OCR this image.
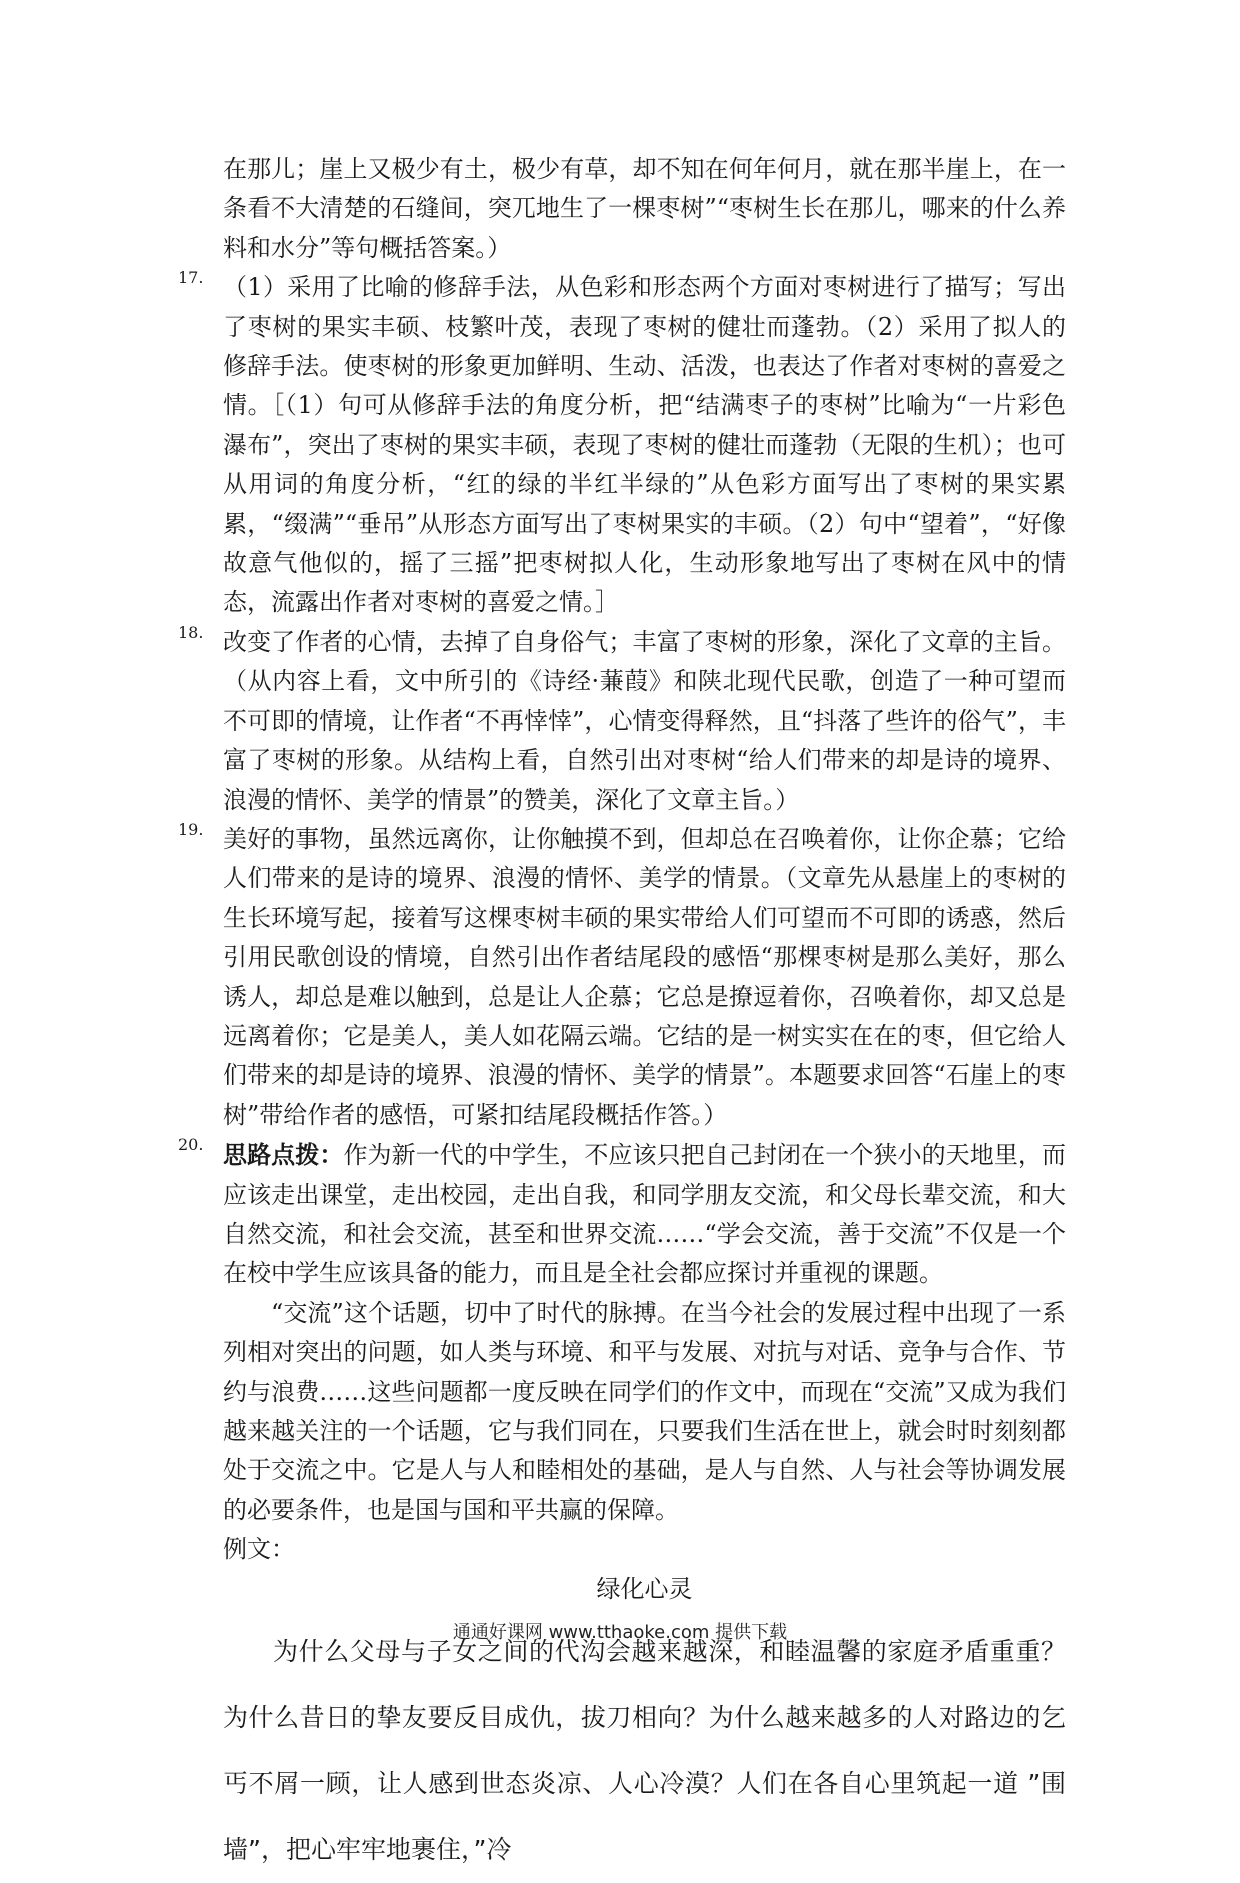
在那儿；崖上又极少有土，极少有草，却不知在何年何月，就在那半崖上，在一条看不大清楚的石缝间，突兀地生了一棵枣树”“枣树生长在那儿，哪来的什么养料和水分”等句概括答案。）

17. （1）采用了比喻的修辞手法，从色彩和形态两个方面对枣树进行了描写；写出了枣树的果实丰硕、枝繁叶茂，表现了枣树的健壮而蓬勃。（2）采用了拟人的修辞手法。使枣树的形象更加鲜明、生动、活泼，也表达了作者对枣树的喜爱之情。［（1）句可从修辞手法的角度分析，把“结满枣子的枣树”比喻为“一片彩色瀑布”，突出了枣树的果实丰硕，表现了枣树的健壮而蓬勃（无限的生机）；也可从用词的角度分析，“红的绿的半红半绿的”从色彩方面写出了枣树的果实累累，“缀满”“垂吊”从形态方面写出了枣树果实的丰硕。（2）句中“望着”，“好像故意气他似的，摇了三摇”把枣树拟人化，生动形象地写出了枣树在风中的情态，流露出作者对枣树的喜爱之情。］

18. 改变了作者的心情，去掉了自身俗气；丰富了枣树的形象，深化了文章的主旨。（从内容上看，文中所引的《诗经·蒹葭》和陕北现代民歌，创造了一种可望而不可即的情境，让作者“不再悻悻”，心情变得释然，且“抖落了些许的俗气”，丰富了枣树的形象。从结构上看，自然引出对枣树“给人们带来的却是诗的境界、浪漫的情怀、美学的情景”的赞美，深化了文章主旨。）

19. 美好的事物，虽然远离你，让你触摸不到，但却总在召唤着你，让你企慕；它给人们带来的是诗的境界、浪漫的情怀、美学的情景。（文章先从悬崖上的枣树的生长环境写起，接着写这棵枣树丰硕的果实带给人们可望而不可即的诱惑，然后引用民歌创设的情境，自然引出作者结尾段的感悟“那棵枣树是那么美好，那么诱人，却总是难以触到，总是让人企慕；它总是撩逗着你，召唤着你，却又总是远离着你；它是美人，美人如花隔云端。它结的是一树实实在在的枣，但它给人们带来的却是诗的境界、浪漫的情怀、美学的情景”。本题要求回答“石崖上的枣树”带给作者的感悟，可紧扣结尾段概括作答。）

20. 思路点拨：作为新一代的中学生，不应该只把自己封闭在一个狭小的天地里，而应该走出课堂，走出校园，走出自我，和同学朋友交流，和父母长辈交流，和大自然交流，和社会交流，甚至和世界交流……“学会交流，善于交流”不仅是一个在校中学生应该具备的能力，而且是全社会都应探讨并重视的课题。

“交流”这个话题，切中了时代的脉搏。在当今社会的发展过程中出现了一系列相对突出的问题，如人类与环境、和平与发展、对抗与对话、竞争与合作、节约与浪费……这些问题都一度反映在同学们的作文中，而现在“交流”又成为我们越来越关注的一个话题，它与我们同在，只要我们生活在世上，就会时时刻刻都处于交流之中。它是人与人和睦相处的基础，是人与自然、人与社会等协调发展的必要条件，也是国与国和平共赢的保障。

例文：

绿化心灵

为什么父母与子女之间的代沟会越来越深，和睦温馨的家庭矛盾重重？为什么昔日的挚友要反目成仇，拔刀相向？为什么越来越多的人对路边的乞丐不屑一顾，让人感到世态炎凉、人心冷漠？人们在各自心里筑起一道 ”围墙”，把心牢牢地裹住，”冷

通通好课网 www.tthaoke.com 提供下载
